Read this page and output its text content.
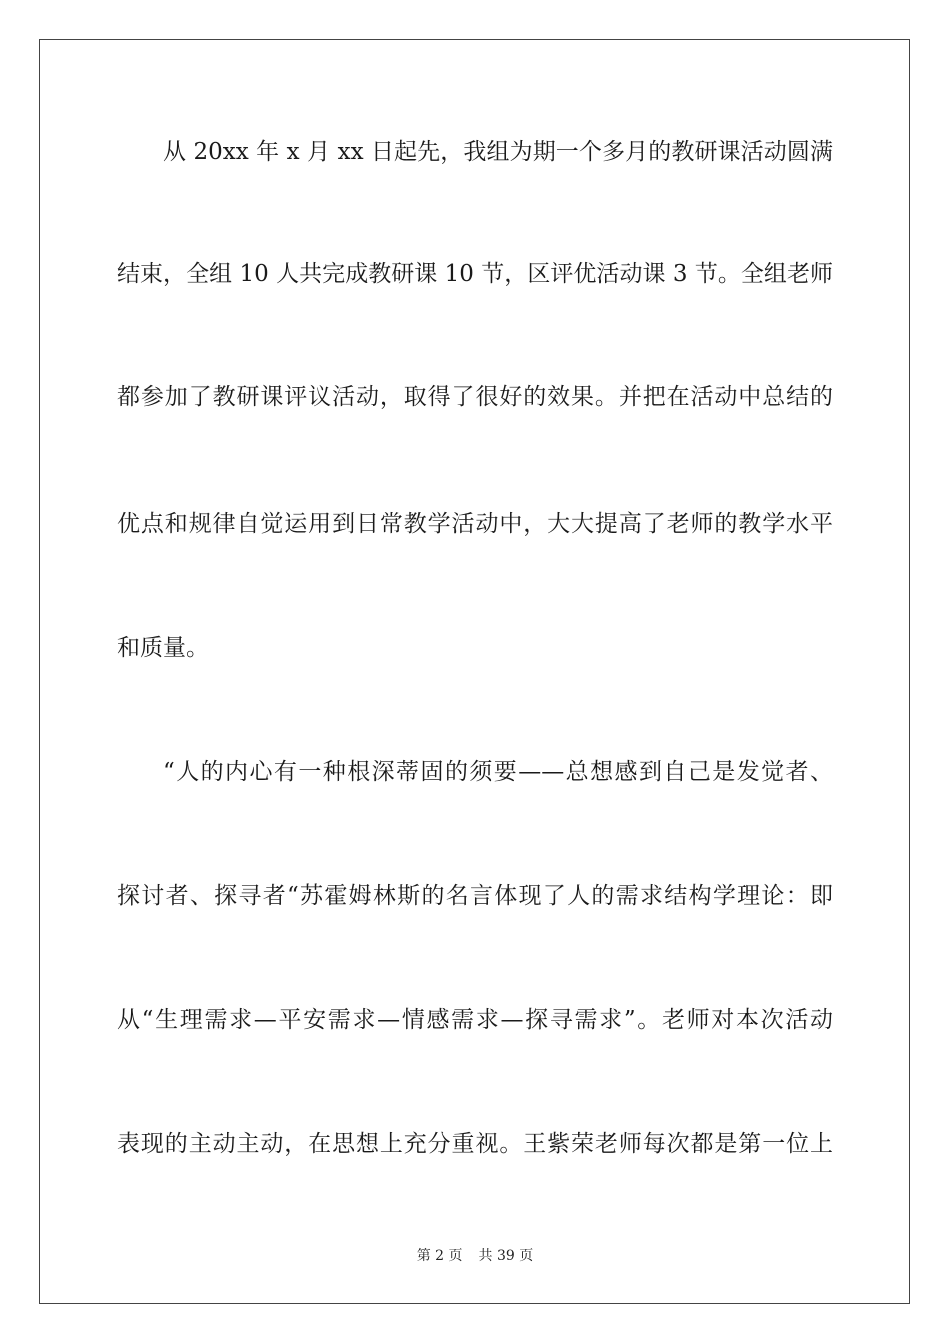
从 20xx 年 x 月 xx 日起先，我组为期一个多月的教研课活动圆满
结束，全组 10 人共完成教研课 10 节，区评优活动课 3 节。全组老师
都参加了教研课评议活动，取得了很好的效果。并把在活动中总结的
优点和规律自觉运用到日常教学活动中，大大提高了老师的教学水平
和质量。
“人的内心有一种根深蒂固的须要——总想感到自己是发觉者、
探讨者、探寻者“苏霍姆林斯的名言体现了人的需求结构学理论：即
从“生理需求—平安需求—情感需求—探寻需求”。老师对本次活动
表现的主动主动，在思想上充分重视。王紫荣老师每次都是第一位上
第 2 页 共 39 页
